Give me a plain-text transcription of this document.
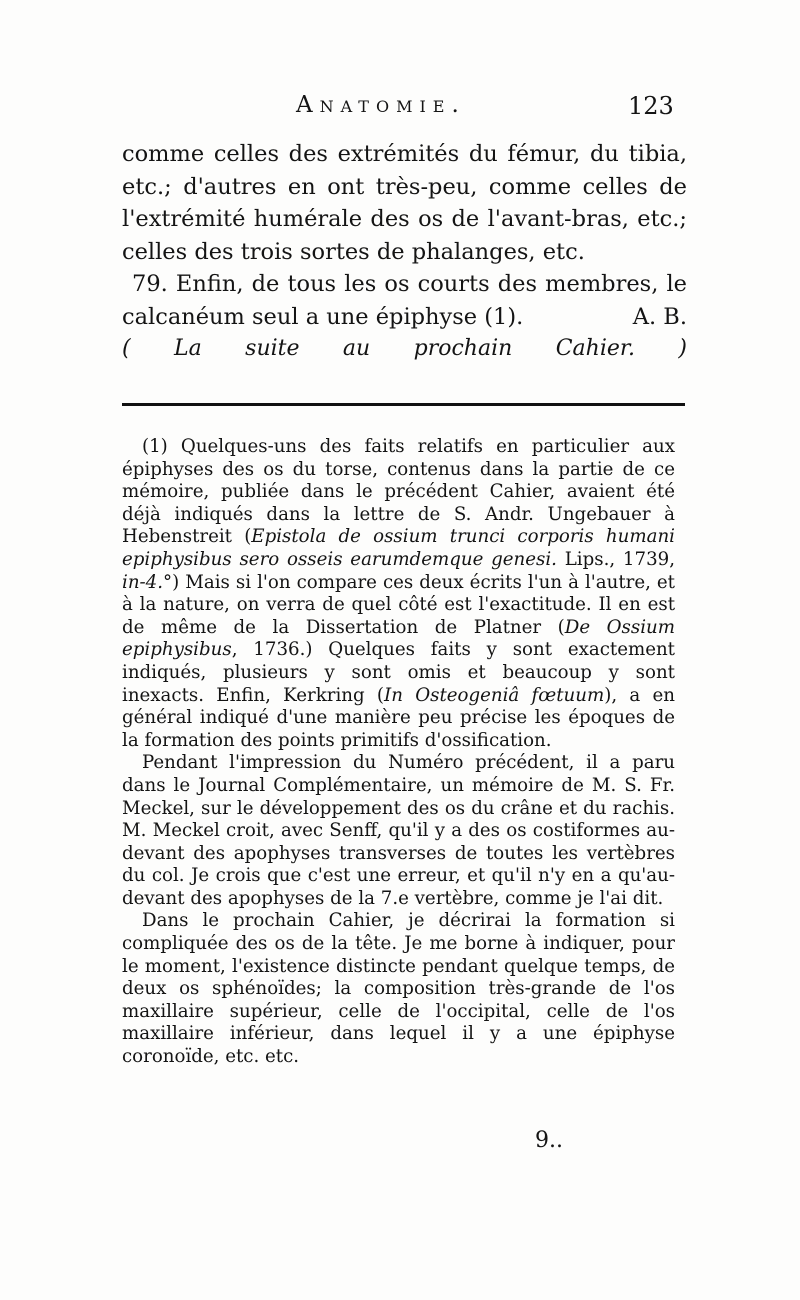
Anatomie.	123

comme celles des extrémités du fémur, du tibia, etc.; d'autres en ont très-peu, comme celles de l'extrémité humérale des os de l'avant-bras, etc.; celles des trois sortes de phalanges, etc.

79. Enfin, de tous les os courts des membres, le calcanéum seul a une épiphyse (1).	A. B.

( La suite au prochain Cahier. )

(1) Quelques-uns des faits relatifs en particulier aux épiphyses des os du torse, contenus dans la partie de ce mémoire, publiée dans le précédent Cahier, avaient été déjà indiqués dans la lettre de S. Andr. Ungebauer à Hebenstreit (Epistola de ossium trunci corporis humani epiphysibus sero osseis earumdemque genesi. Lips., 1739, in-4.°) Mais si l'on compare ces deux écrits l'un à l'autre, et à la nature, on verra de quel côté est l'exactitude. Il en est de même de la Dissertation de Platner (De Ossium epiphysibus, 1736.) Quelques faits y sont exactement indiqués, plusieurs y sont omis et beaucoup y sont inexacts. Enfin, Kerkring (In Osteogeniâ fœtuum), a en général indiqué d'une manière peu précise les époques de la formation des points primitifs d'ossification.

Pendant l'impression du Numéro précédent, il a paru dans le Journal Complémentaire, un mémoire de M. S. Fr. Meckel, sur le développement des os du crâne et du rachis. M. Meckel croit, avec Senff, qu'il y a des os costiformes au-devant des apophyses transverses de toutes les vertèbres du col. Je crois que c'est une erreur, et qu'il n'y en a qu'au-devant des apophyses de la 7.e vertèbre, comme je l'ai dit.

Dans le prochain Cahier, je décrirai la formation si compliquée des os de la tête. Je me borne à indiquer, pour le moment, l'existence distincte pendant quelque temps, de deux os sphénoïdes; la composition très-grande de l'os maxillaire supérieur, celle de l'occipital, celle de l'os maxillaire inférieur, dans lequel il y a une épiphyse coronoïde, etc. etc.

9..
